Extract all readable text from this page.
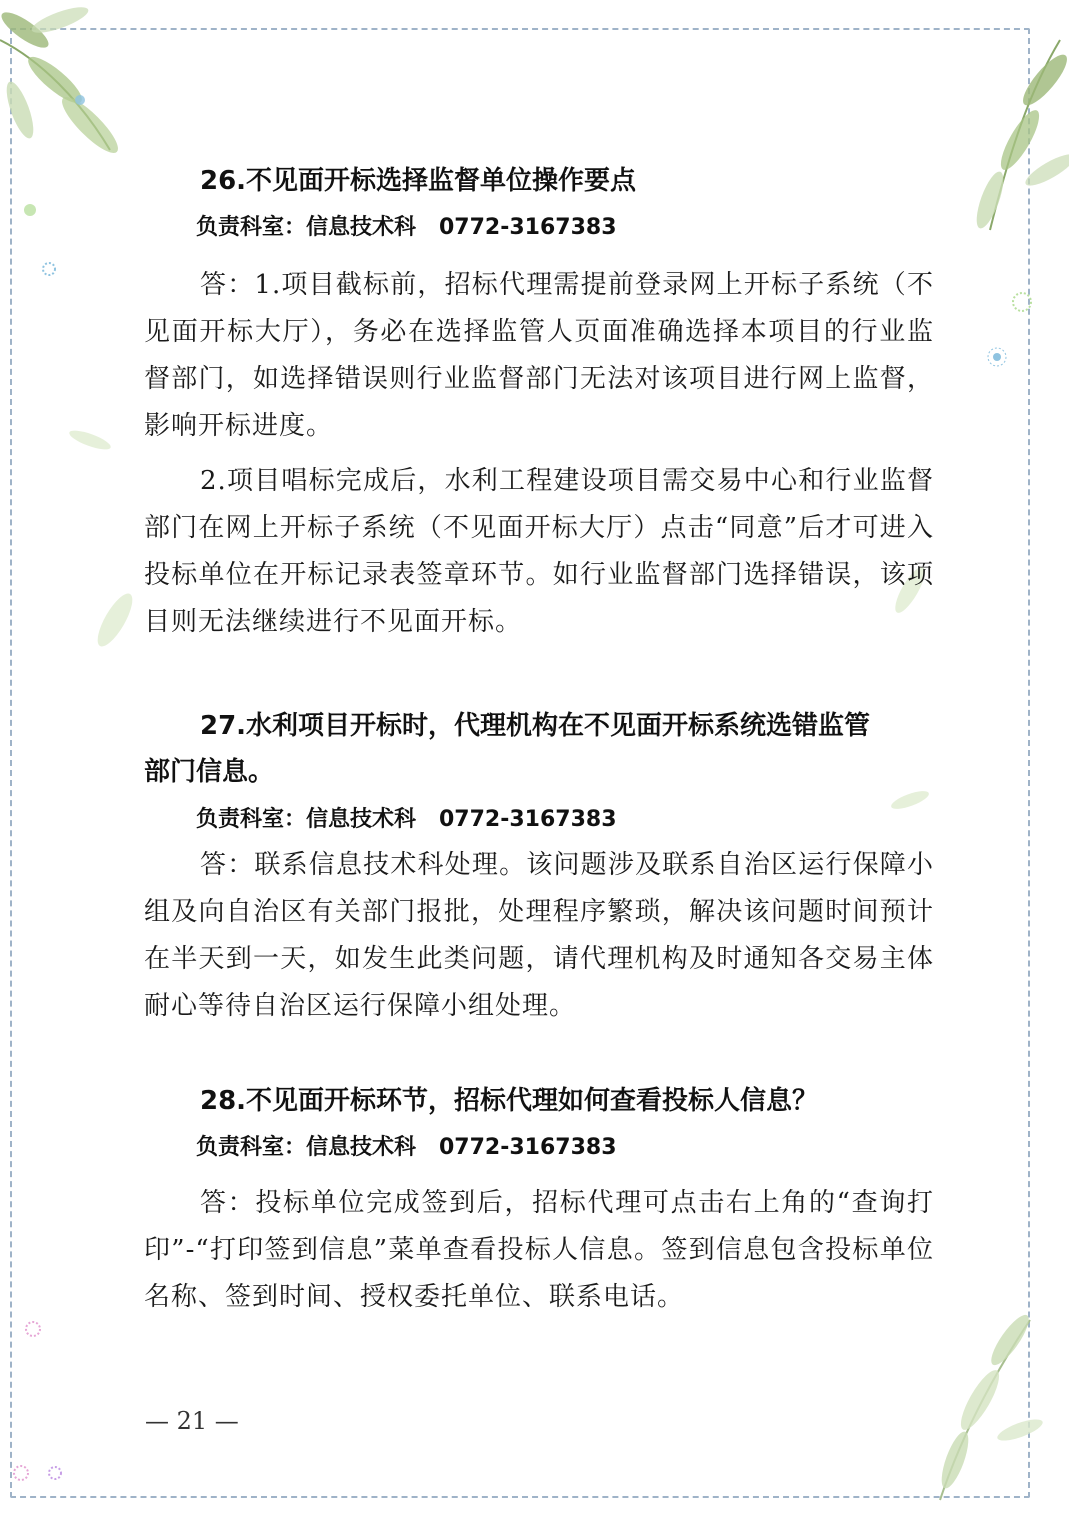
26.不见面开标选择监督单位操作要点
负责科室：信息技术科 0772-3167383

答：1.项目截标前，招标代理需提前登录网上开标子系统（不见面开标大厅），务必在选择监管人页面准确选择本项目的行业监督部门，如选择错误则行业监督部门无法对该项目进行网上监督，影响开标进度。

2.项目唱标完成后，水利工程建设项目需交易中心和行业监督部门在网上开标子系统（不见面开标大厅）点击“同意”后才可进入投标单位在开标记录表签章环节。如行业监督部门选择错误，该项目则无法继续进行不见面开标。

27.水利项目开标时，代理机构在不见面开标系统选错监管
部门信息。
负责科室：信息技术科 0772-3167383

答：联系信息技术科处理。该问题涉及联系自治区运行保障小组及向自治区有关部门报批，处理程序繁琐，解决该问题时间预计在半天到一天，如发生此类问题，请代理机构及时通知各交易主体耐心等待自治区运行保障小组处理。

28.不见面开标环节，招标代理如何查看投标人信息？
负责科室：信息技术科 0772-3167383

答：投标单位完成签到后，招标代理可点击右上角的“查询打印”-“打印签到信息”菜单查看投标人信息。签到信息包含投标单位名称、签到时间、授权委托单位、联系电话。

— 21 —
